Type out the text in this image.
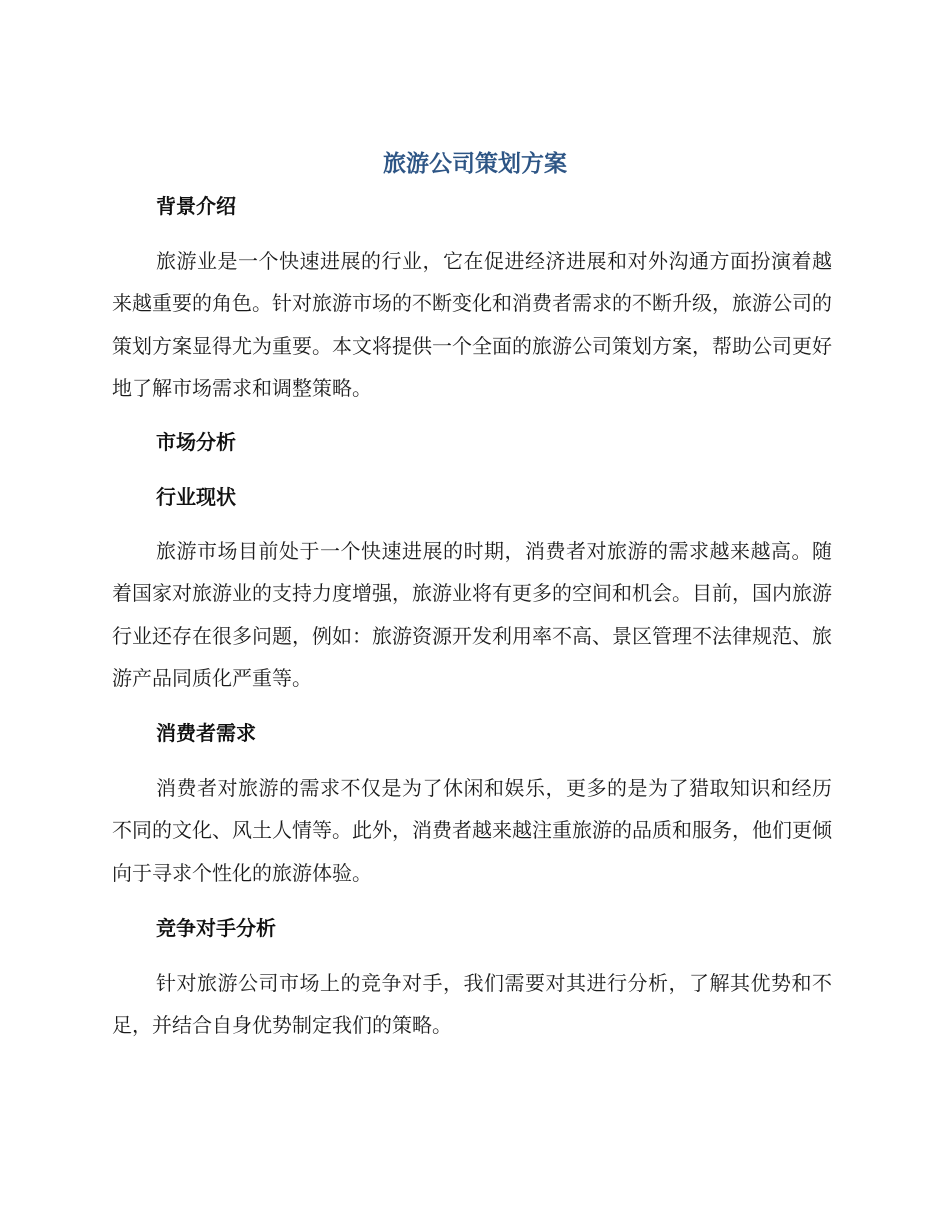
旅游公司策划方案
背景介绍
旅游业是一个快速进展的行业，它在促进经济进展和对外沟通方面扮演着越来越重要的角色。针对旅游市场的不断变化和消费者需求的不断升级，旅游公司的策划方案显得尤为重要。本文将提供一个全面的旅游公司策划方案，帮助公司更好地了解市场需求和调整策略。
市场分析
行业现状
旅游市场目前处于一个快速进展的时期，消费者对旅游的需求越来越高。随着国家对旅游业的支持力度增强，旅游业将有更多的空间和机会。目前，国内旅游行业还存在很多问题，例如：旅游资源开发利用率不高、景区管理不法律规范、旅游产品同质化严重等。
消费者需求
消费者对旅游的需求不仅是为了休闲和娱乐，更多的是为了猎取知识和经历不同的文化、风土人情等。此外，消费者越来越注重旅游的品质和服务，他们更倾向于寻求个性化的旅游体验。
竞争对手分析
针对旅游公司市场上的竞争对手，我们需要对其进行分析，了解其优势和不足，并结合自身优势制定我们的策略。
